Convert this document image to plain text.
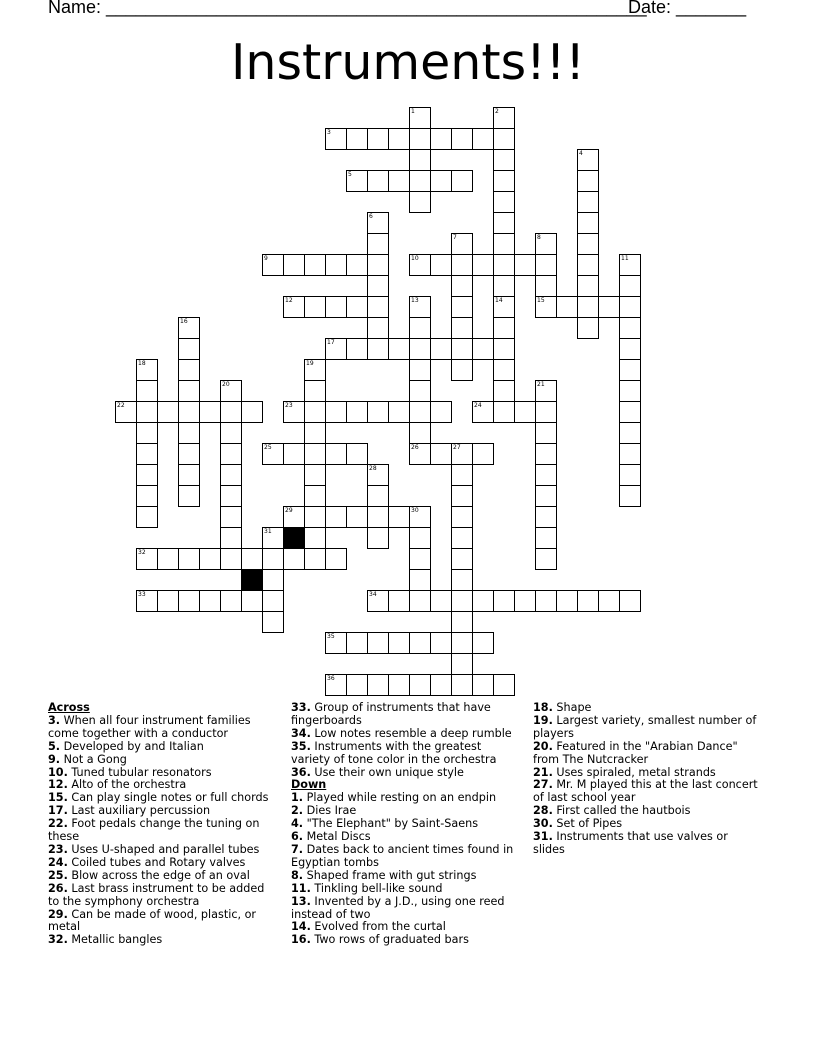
Name: ______________________________________________________
Date: _______
Instruments!!!
1	2
3
4
5
6
7	8
15
9	10	11
12	13
26
14
16
17
18	19
20	21
22	23	24
25	27
28
29	30
31
32
33	34
35
36
Across
3. When all four instrument families come together with a conductor
5. Developed by and Italian
9. Not a Gong
10. Tuned tubular resonators
12. Alto of the orchestra
15. Can play single notes or full chords
17. Last auxiliary percussion
22. Foot pedals change the tuning on these
23. Uses U-shaped and parallel tubes
24. Coiled tubes and Rotary valves
25. Blow across the edge of an oval
26. Last brass instrument to be added to the symphony orchestra
29. Can be made of wood, plastic, or metal
32. Metallic bangles
33. Group of instruments that have fingerboards
34. Low notes resemble a deep rumble
35. Instruments with the greatest variety of tone color in the orchestra
36. Use their own unique style
Down
1. Played while resting on an endpin
2. Dies Irae
4. "The Elephant" by Saint-Saens
6. Metal Discs
7. Dates back to ancient times found in Egyptian tombs
8. Shaped frame with gut strings
11. Tinkling bell-like sound
13. Invented by a J.D., using one reed instead of two
14. Evolved from the curtal
16. Two rows of graduated bars
18. Shape
19. Largest variety, smallest number of players
20. Featured in the "Arabian Dance" from The Nutcracker
21. Uses spiraled, metal strands
27. Mr. M played this at the last concert of last school year
28. First called the hautbois
30. Set of Pipes
31. Instruments that use valves or slides
